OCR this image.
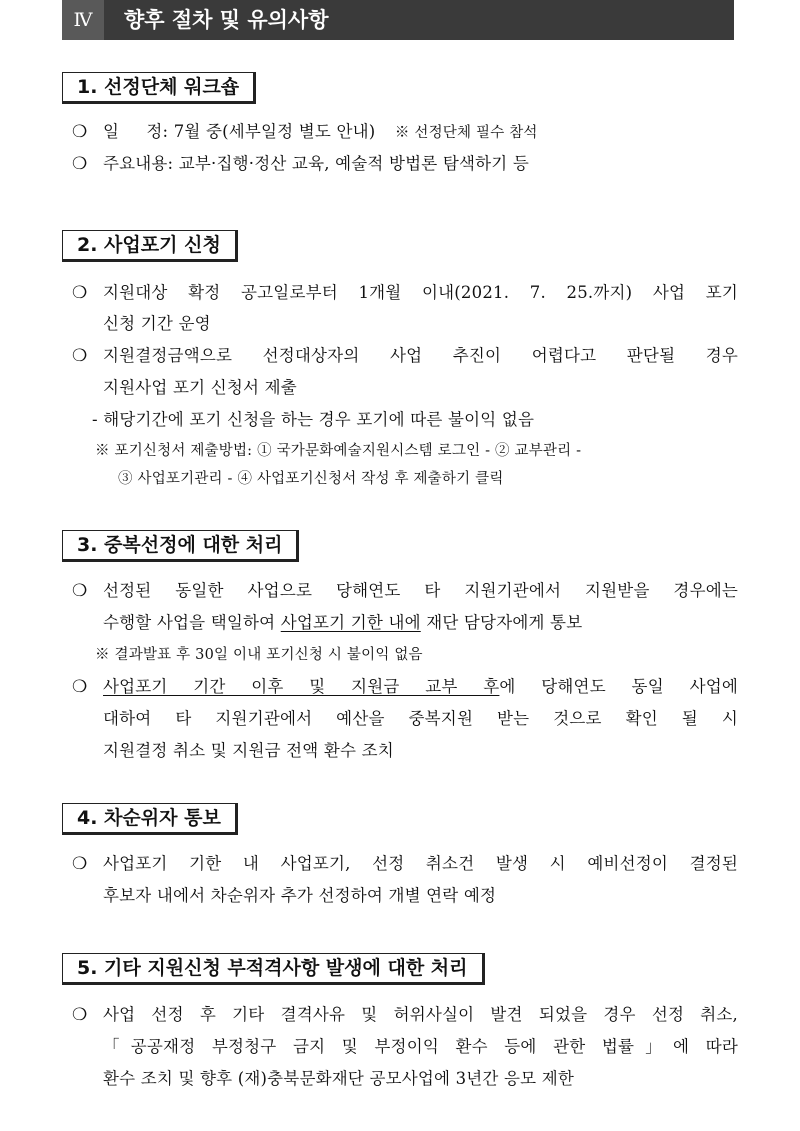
Ⅳ	향후 절차 및 유의사항
1. 선정단체 워크숍
❍ 일     정: 7월 중(세부일정 별도 안내) ※ 선정단체 필수 참석
❍ 주요내용: 교부·집행·정산 교육, 예술적 방법론 탐색하기 등
2. 사업포기 신청
❍ 지원대상 확정 공고일로부터 1개월 이내(2021. 7. 25.까지) 사업 포기
신청 기간 운영
❍ 지원결정금액으로 선정대상자의 사업 추진이 어렵다고 판단될 경우
지원사업 포기 신청서 제출
- 해당기간에 포기 신청을 하는 경우 포기에 따른 불이익 없음
※ 포기신청서 제출방법: ① 국가문화예술지원시스템 로그인 - ② 교부관리 -
③ 사업포기관리 - ④ 사업포기신청서 작성 후 제출하기 클릭
3. 중복선정에 대한 처리
❍ 선정된 동일한 사업으로 당해연도 타 지원기관에서 지원받을 경우에는
수행할 사업을 택일하여 사업포기 기한 내에 재단 담당자에게 통보
※ 결과발표 후 30일 이내 포기신청 시 불이익 없음
❍ 사업포기 기간 이후 및 지원금 교부 후에 당해연도 동일 사업에
대하여 타 지원기관에서 예산을 중복지원 받는 것으로 확인 될 시
지원결정 취소 및 지원금 전액 환수 조치
4. 차순위자 통보
❍ 사업포기 기한 내 사업포기, 선정 취소건 발생 시 예비선정이 결정된
후보자 내에서 차순위자 추가 선정하여 개별 연락 예정
5. 기타 지원신청 부적격사항 발생에 대한 처리
❍ 사업 선정 후 기타 결격사유 및 허위사실이 발견 되었을 경우 선정 취소,
「공공재정 부정청구 금지 및 부정이익 환수 등에 관한 법률」에 따라
환수 조치 및 향후 (재)충북문화재단 공모사업에 3년간 응모 제한
